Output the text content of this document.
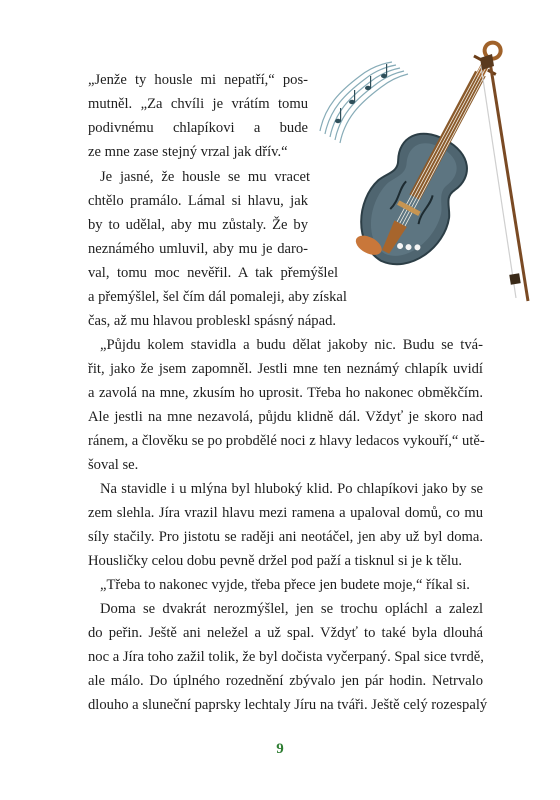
„Jenže ty housle mi nepatří,“ pos-
mutněl. „Za chvíli je vrátím tomu
podivnému chlapíkovi a bude
ze mne zase stejný vrzal jak dřív.“
Je jasné, že housle se mu vracet
chtělo pramálo. Lámal si hlavu, jak
by to udělal, aby mu zůstaly. Že by
neznámého umluvil, aby mu je daro-
val, tomu moc nevěřil. A tak přemýšlel
a přemýšlel, šel čím dál pomaleji, aby získal
čas, až mu hlavou probleskl spásný nápad.
„Půjdu kolem stavidla a budu dělat jakoby nic. Budu se tvá-
řit, jako že jsem zapomněl. Jestli mne ten neznámý chlapík uvidí
a zavolá na mne, zkusím ho uprosit. Třeba ho nakonec obměkčím.
Ale jestli na mne nezavolá, půjdu klidně dál. Vždyť je skoro nad
ránem, a člověku se po probdělé noci z hlavy ledacos vykouří,“ utě-
šoval se.
Na stavidle i u mlýna byl hluboký klid. Po chlapíkovi jako by se
zem slehla. Jíra vrazil hlavu mezi ramena a upaloval domů, co mu
síly stačily. Pro jistotu se raději ani neotáčel, jen aby už byl doma.
Housličky celou dobu pevně držel pod paží a tisknul si je k tělu.
„Třeba to nakonec vyjde, třeba přece jen budete moje,“ říkal si.
Doma se dvakrát nerozmýšlel, jen se trochu opláchl a zalezl
do peřin. Ještě ani neležel a už spal. Vždyť to také byla dlouhá
noc a Jíra toho zažil tolik, že byl dočista vyčerpaný. Spal sice tvrdě,
ale málo. Do úplného rozednění zbývalo jen pár hodin. Netrvalo
dlouho a sluneční paprsky lechtaly Jíru na tváři. Ještě celý rozespalý
9
